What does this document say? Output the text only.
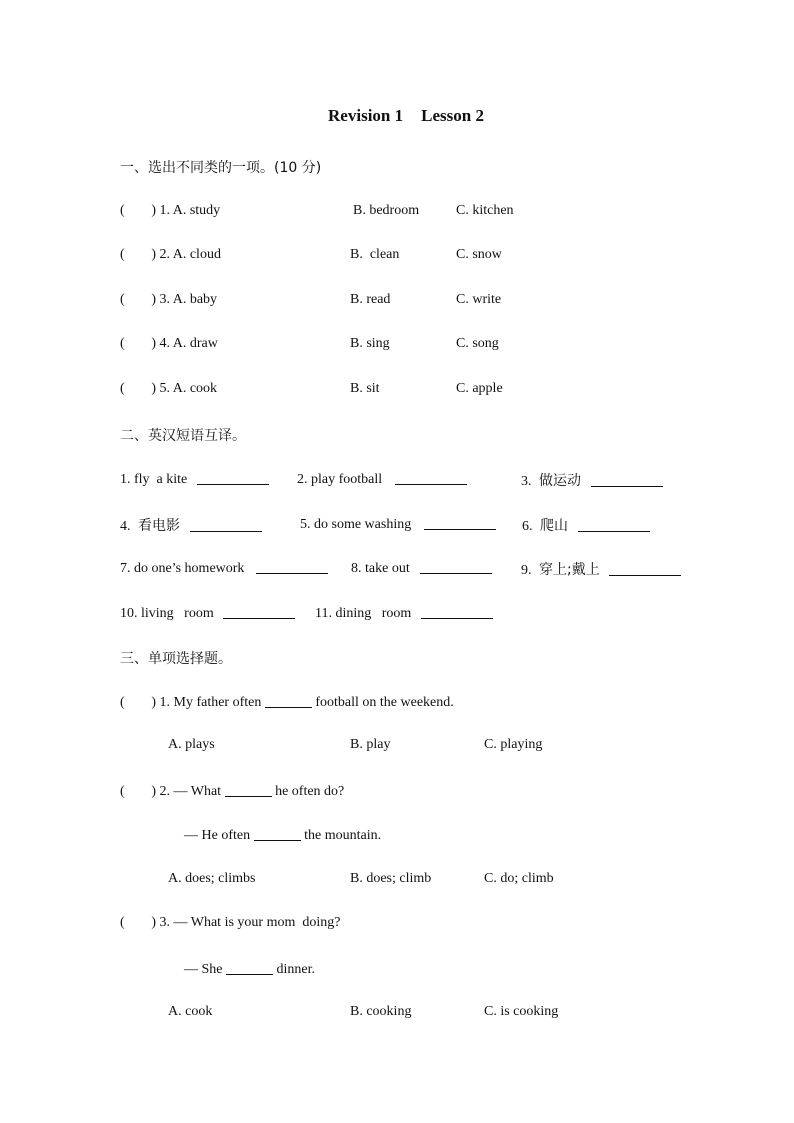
Revision 1 Lesson 2
一、选出不同类的一项。(10 分)
( ) 1. A. study	B. bedroom	C. kitchen
( ) 2. A. cloud	B.  clean	C. snow
( ) 3. A. baby	B. read	C. write
( ) 4. A. draw	B. sing	C. song
( ) 5. A. cook	B. sit	C. apple
二、英汉短语互译。
1. fly  a kite	2. play football	3. 做运动
4. 看电影	5. do some washing	6. 爬山
7. do one’s homework	8. take out	9. 穿上;戴上
10. living   room	11. dining   room
三、单项选择题。
( ) 1. My father often	football on the weekend.
A. plays	B. play	C. playing
( ) 2. — What	he often do?
— He often	the mountain.
A. does; climbs	B. does; climb	C. do; climb
( ) 3. — What is your mom  doing?
— She	dinner.
A. cook	B. cooking	C. is cooking
